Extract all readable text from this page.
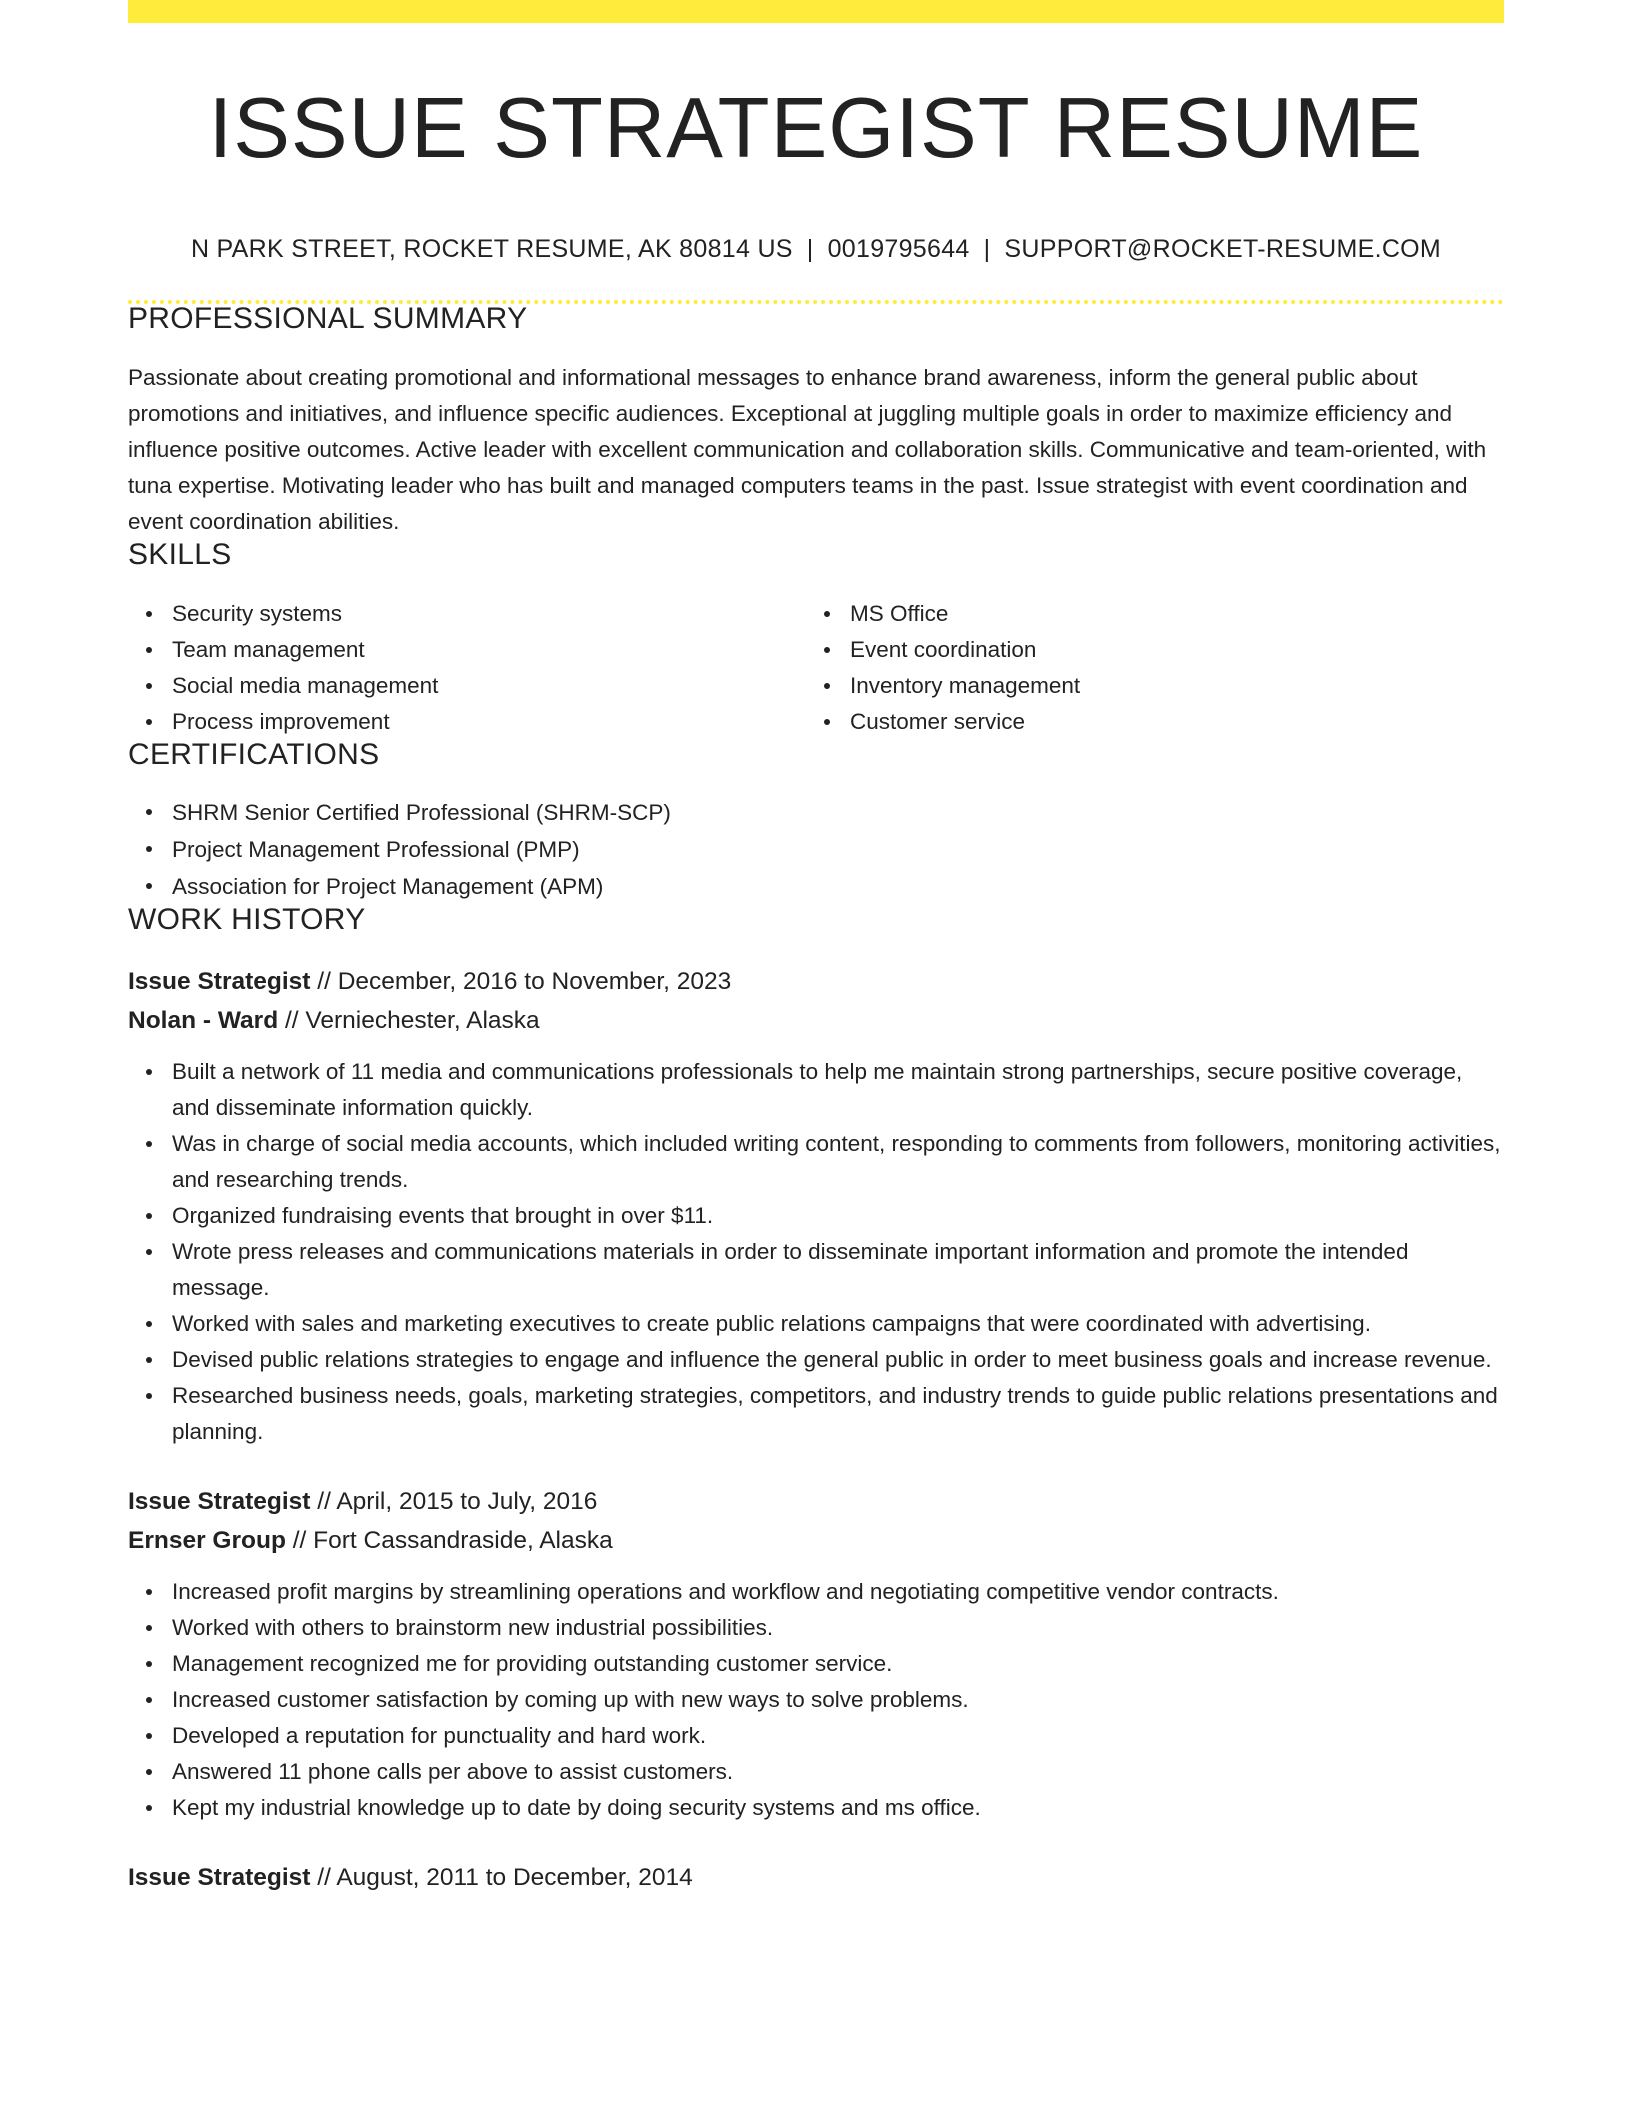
ISSUE STRATEGIST RESUME
N PARK STREET, ROCKET RESUME, AK 80814 US | 0019795644 | SUPPORT@ROCKET-RESUME.COM
PROFESSIONAL SUMMARY

Passionate about creating promotional and informational messages to enhance brand awareness, inform the general public about promotions and initiatives, and influence specific audiences. Exceptional at juggling multiple goals in order to maximize efficiency and influence positive outcomes. Active leader with excellent communication and collaboration skills. Communicative and team-oriented, with tuna expertise. Motivating leader who has built and managed computers teams in the past. Issue strategist with event coordination and event coordination abilities.

SKILLS
Security systems
Team management
Social media management
Process improvement
MS Office
Event coordination
Inventory management
Customer service
CERTIFICATIONS
SHRM Senior Certified Professional (SHRM-SCP)
Project Management Professional (PMP)
Association for Project Management (APM)
WORK HISTORY
Issue Strategist // December, 2016 to November, 2023
Nolan - Ward // Verniechester, Alaska
Built a network of 11 media and communications professionals to help me maintain strong partnerships, secure positive coverage, and disseminate information quickly.
Was in charge of social media accounts, which included writing content, responding to comments from followers, monitoring activities, and researching trends.
Organized fundraising events that brought in over $11.
Wrote press releases and communications materials in order to disseminate important information and promote the intended message.
Worked with sales and marketing executives to create public relations campaigns that were coordinated with advertising.
Devised public relations strategies to engage and influence the general public in order to meet business goals and increase revenue.
Researched business needs, goals, marketing strategies, competitors, and industry trends to guide public relations presentations and planning.
Issue Strategist // April, 2015 to July, 2016
Ernser Group // Fort Cassandraside, Alaska
Increased profit margins by streamlining operations and workflow and negotiating competitive vendor contracts.
Worked with others to brainstorm new industrial possibilities.
Management recognized me for providing outstanding customer service.
Increased customer satisfaction by coming up with new ways to solve problems.
Developed a reputation for punctuality and hard work.
Answered 11 phone calls per above to assist customers.
Kept my industrial knowledge up to date by doing security systems and ms office.
Issue Strategist // August, 2011 to December, 2014
